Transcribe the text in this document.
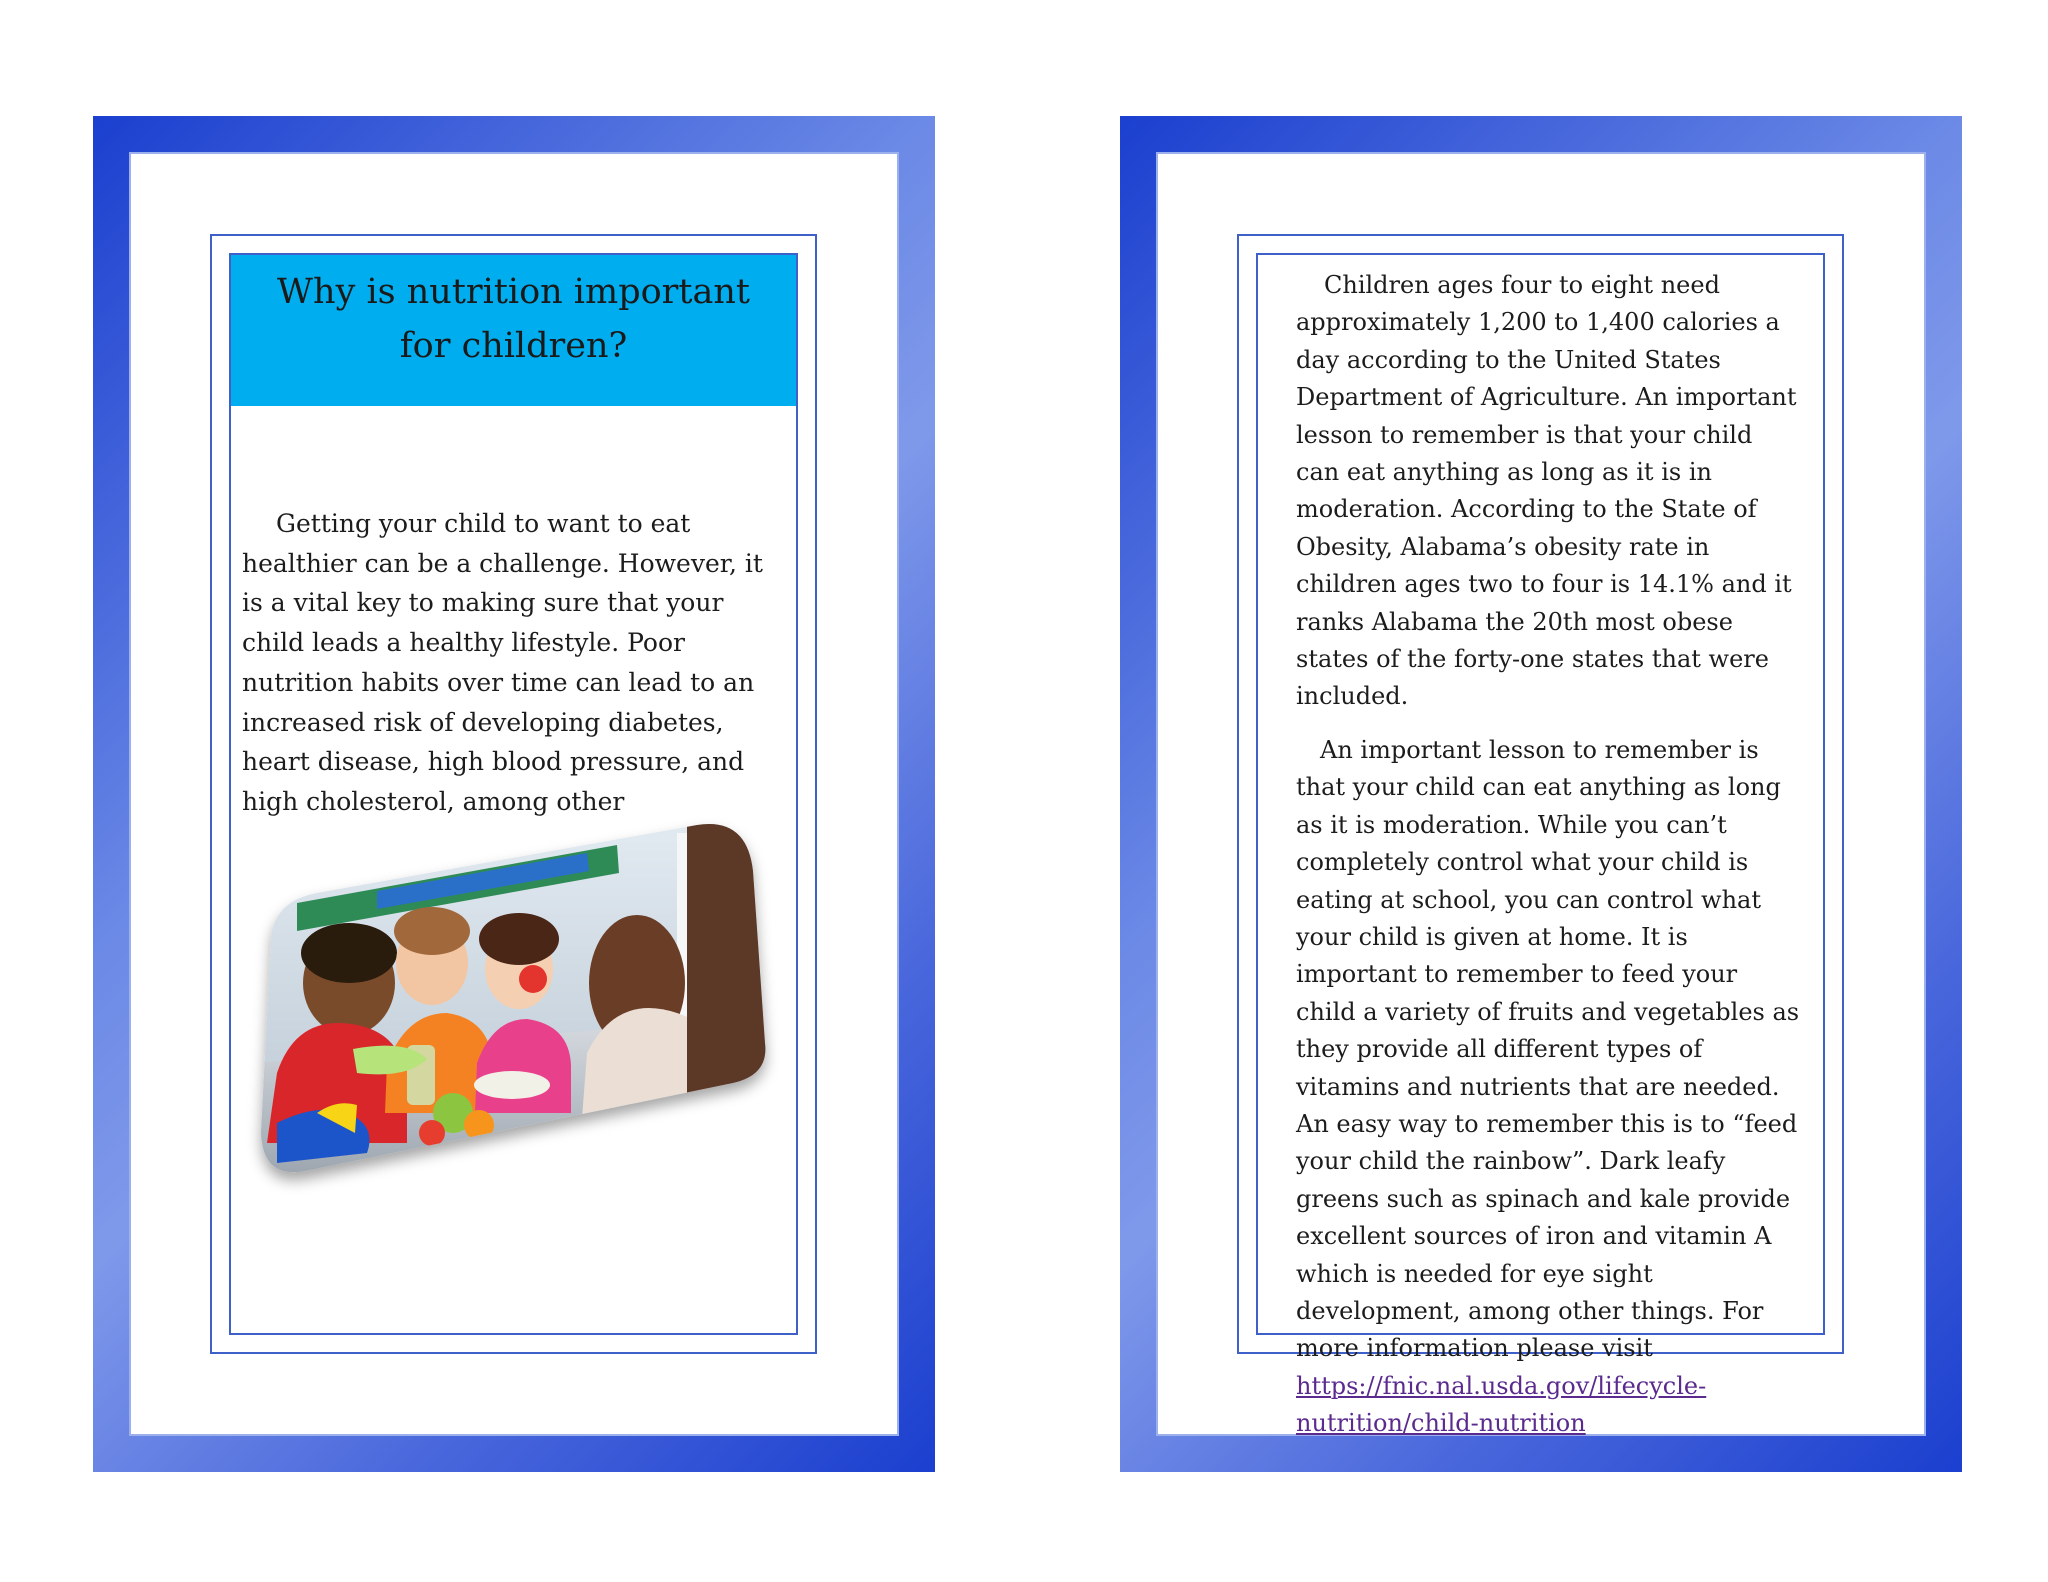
Why is nutrition important for children?

Getting your child to want to eat healthier can be a challenge. However, it is a vital key to making sure that your child leads a healthy lifestyle. Poor nutrition habits over time can lead to an increased risk of developing diabetes, heart disease, high blood pressure, and high cholesterol, among other

Children ages four to eight need approximately 1,200 to 1,400 calories a day according to the United States Department of Agriculture. An important lesson to remember is that your child can eat anything as long as it is in moderation. According to the State of Obesity, Alabama’s obesity rate in children ages two to four is 14.1% and it ranks Alabama the 20th most obese states of the forty-one states that were included.

An important lesson to remember is that your child can eat anything as long as it is moderation. While you can’t completely control what your child is eating at school, you can control what your child is given at home. It is important to remember to feed your child a variety of fruits and vegetables as they provide all different types of vitamins and nutrients that are needed. An easy way to remember this is to “feed your child the rainbow”. Dark leafy greens such as spinach and kale provide excellent sources of iron and vitamin A which is needed for eye sight development, among other things. For more information please visit https://fnic.nal.usda.gov/lifecycle-nutrition/child-nutrition
